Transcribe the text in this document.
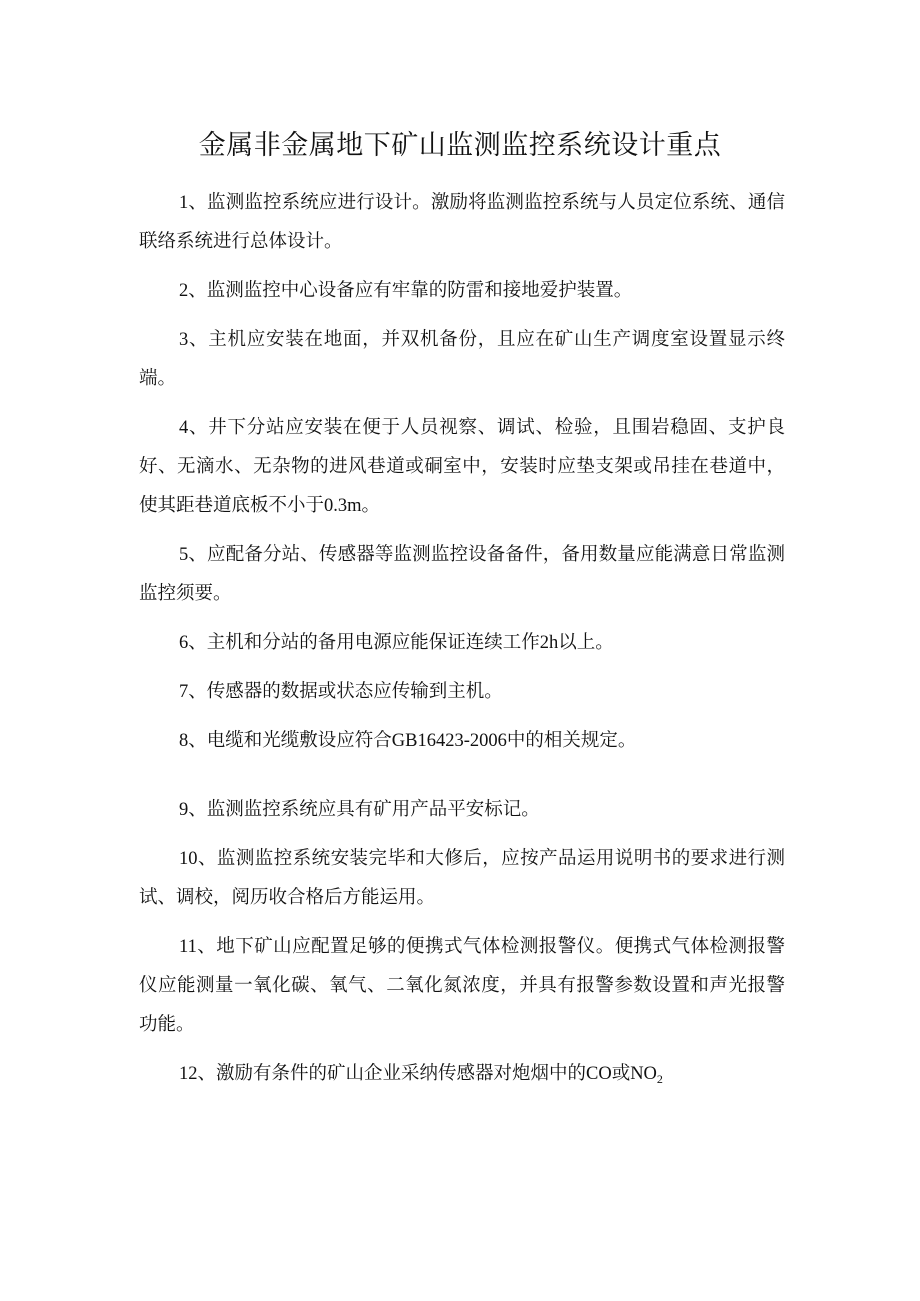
金属非金属地下矿山监测监控系统设计重点

1、监测监控系统应进行设计。激励将监测监控系统与人员定位系统、通信联络系统进行总体设计。

2、监测监控中心设备应有牢靠的防雷和接地爱护装置。

3、主机应安装在地面，并双机备份，且应在矿山生产调度室设置显示终端。

4、井下分站应安装在便于人员视察、调试、检验，且围岩稳固、支护良好、无滴水、无杂物的进风巷道或硐室中，安装时应垫支架或吊挂在巷道中，使其距巷道底板不小于0.3m。

5、应配备分站、传感器等监测监控设备备件，备用数量应能满意日常监测监控须要。

6、主机和分站的备用电源应能保证连续工作2h以上。

7、传感器的数据或状态应传输到主机。

8、电缆和光缆敷设应符合GB16423-2006中的相关规定。

9、监测监控系统应具有矿用产品平安标记。

10、监测监控系统安装完毕和大修后，应按产品运用说明书的要求进行测试、调校，阅历收合格后方能运用。

11、地下矿山应配置足够的便携式气体检测报警仪。便携式气体检测报警仪应能测量一氧化碳、氧气、二氧化氮浓度，并具有报警参数设置和声光报警功能。

12、激励有条件的矿山企业采纳传感器对炮烟中的CO或$NO_2$
